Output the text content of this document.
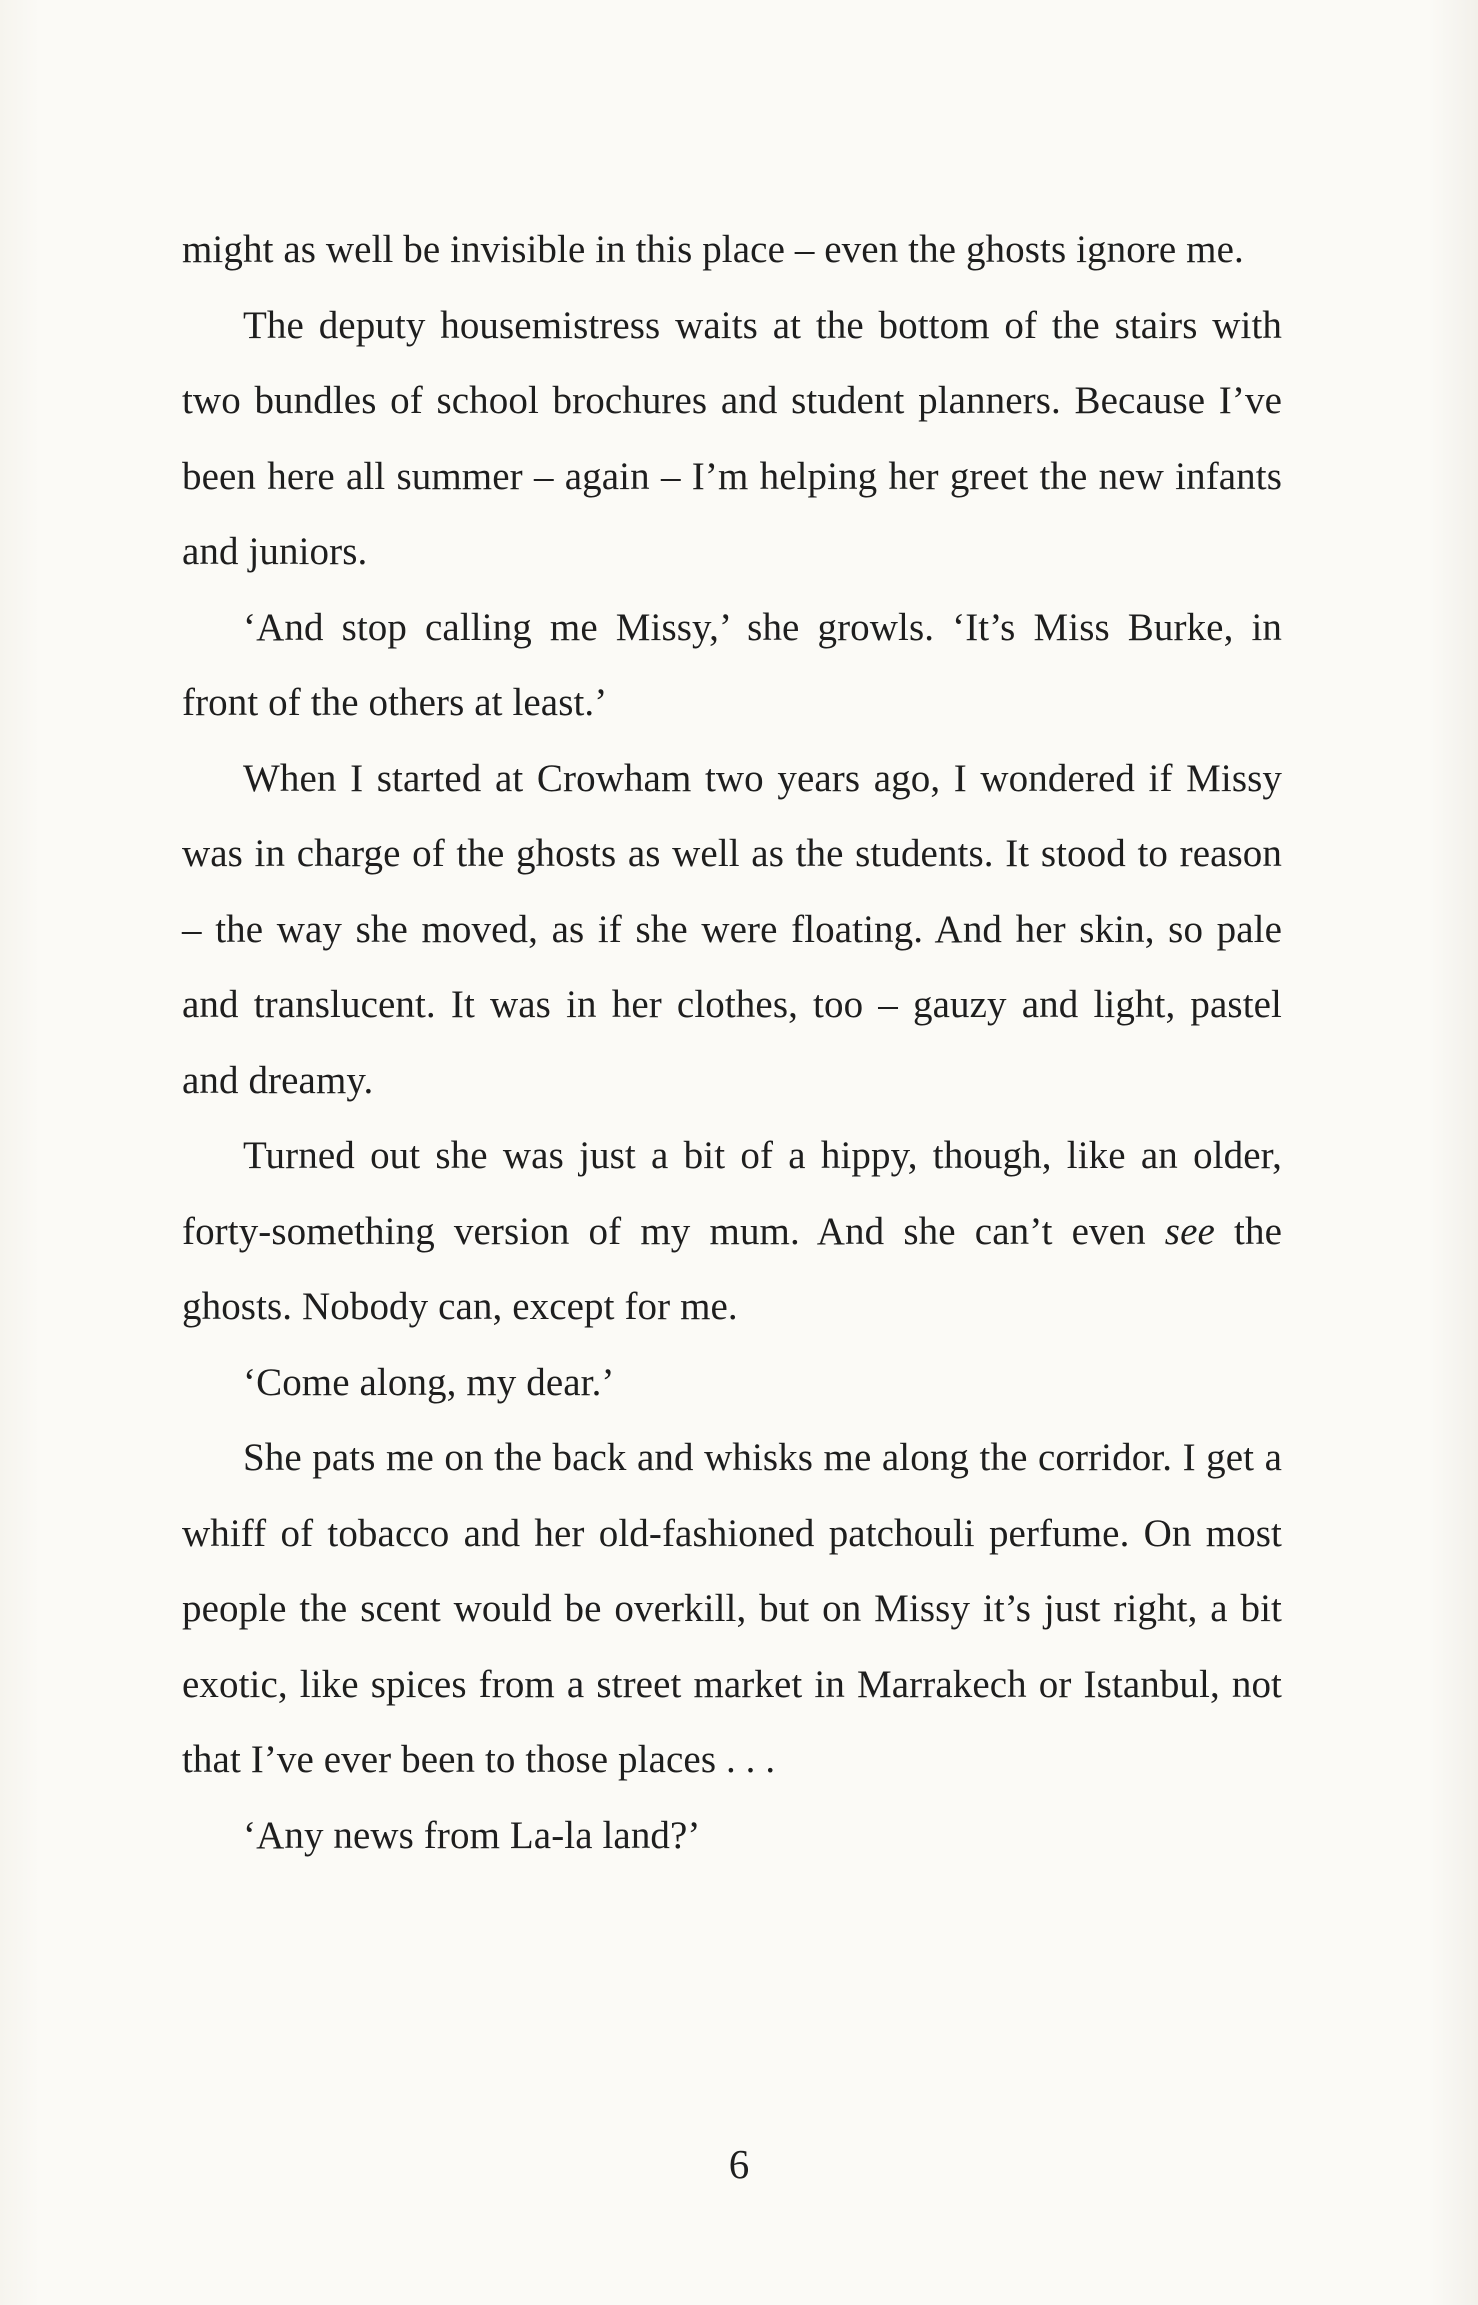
might as well be invisible in this place – even the ghosts ignore me.

The deputy housemistress waits at the bottom of the stairs with two bundles of school brochures and student planners. Because I’ve been here all summer – again – I’m helping her greet the new infants and juniors.

‘And stop calling me Missy,’ she growls. ‘It’s Miss Burke, in front of the others at least.’

When I started at Crowham two years ago, I wondered if Missy was in charge of the ghosts as well as the students. It stood to reason – the way she moved, as if she were floating. And her skin, so pale and translucent. It was in her clothes, too – gauzy and light, pastel and dreamy.

Turned out she was just a bit of a hippy, though, like an older, forty-something version of my mum. And she can’t even see the ghosts. Nobody can, except for me.

‘Come along, my dear.’

She pats me on the back and whisks me along the corridor. I get a whiff of tobacco and her old-fashioned patchouli perfume. On most people the scent would be overkill, but on Missy it’s just right, a bit exotic, like spices from a street market in Marrakech or Istanbul, not that I’ve ever been to those places . . .

‘Any news from La-la land?’

6
